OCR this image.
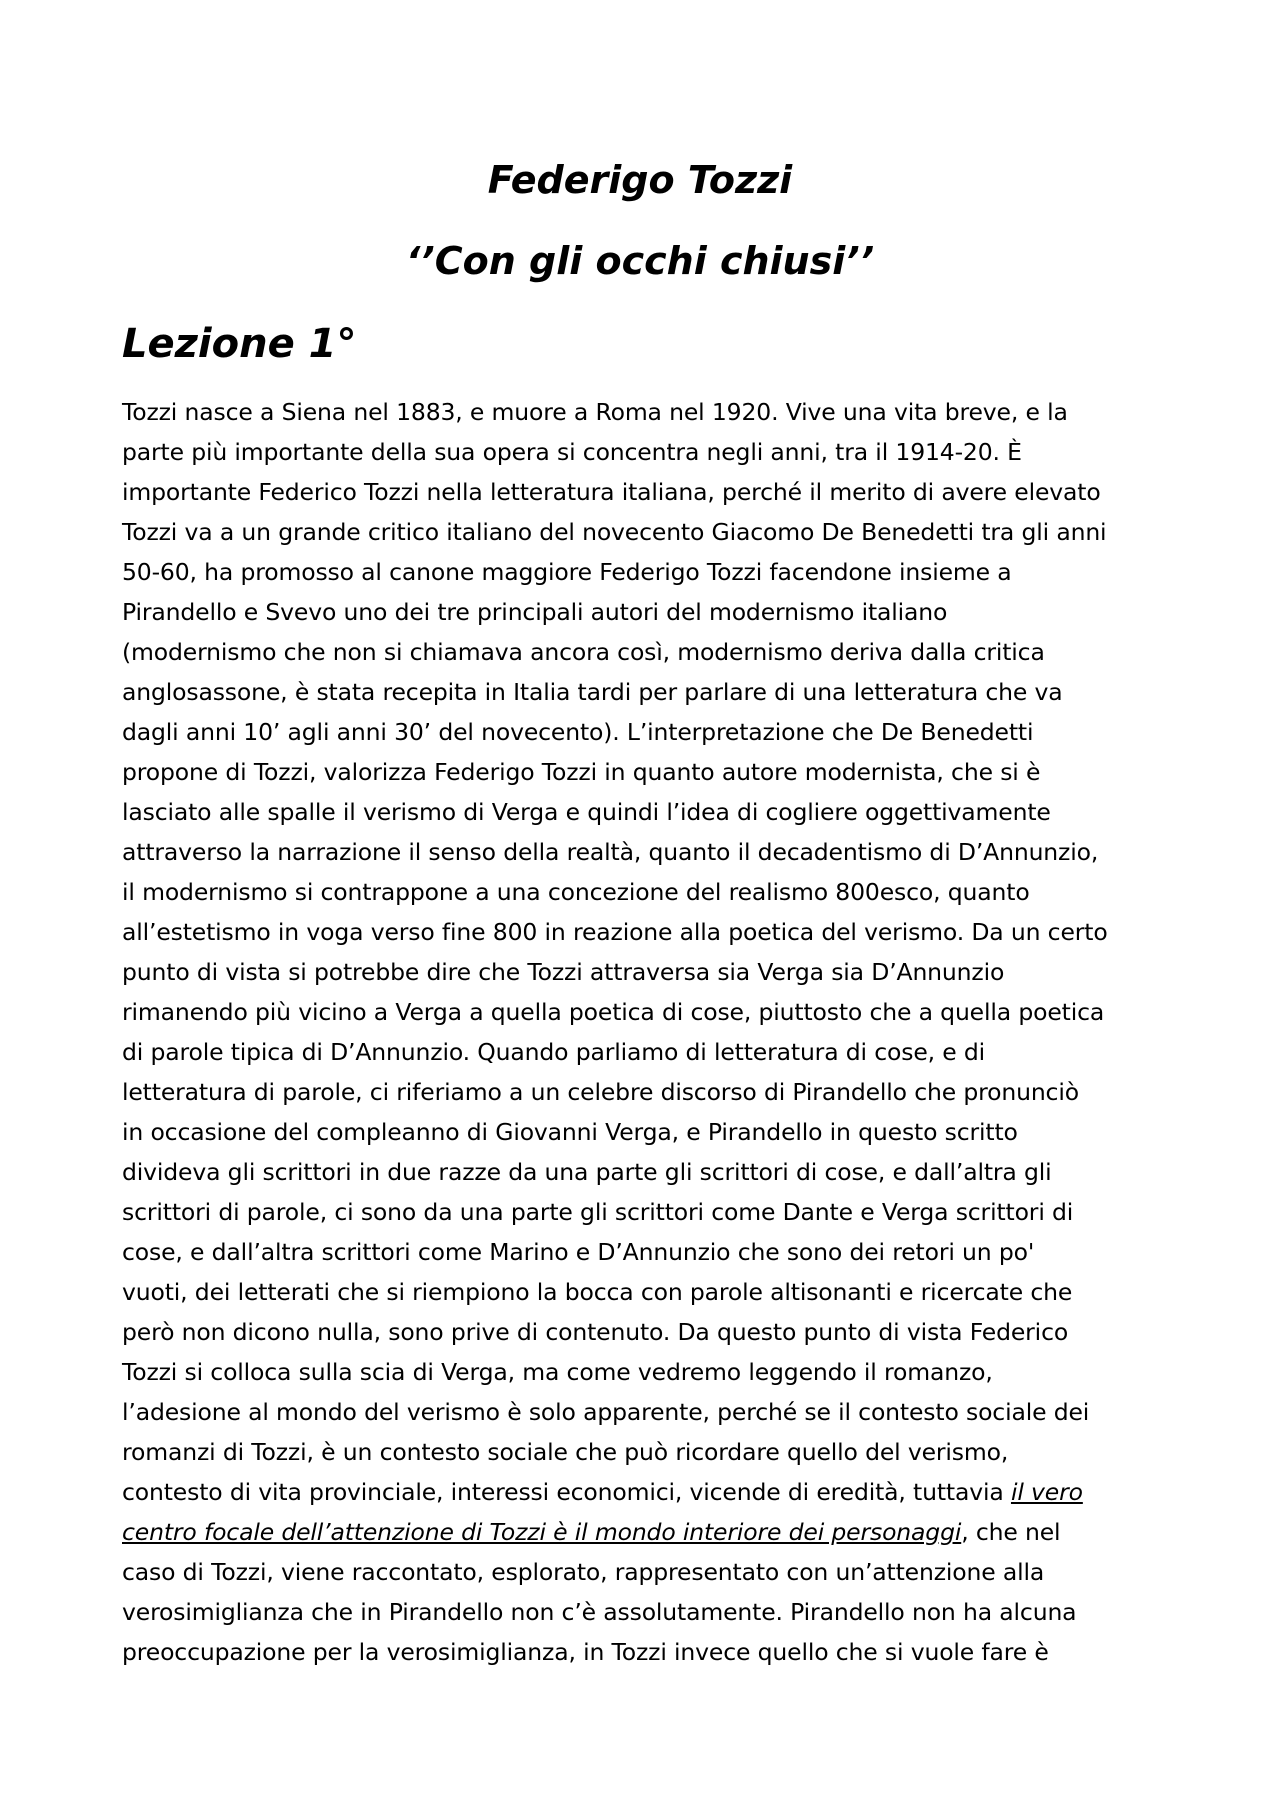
Federigo Tozzi
‘’Con gli occhi chiusi’’
Lezione 1°
Tozzi nasce a Siena nel 1883, e muore a Roma nel 1920. Vive una vita breve, e la
parte più importante della sua opera si concentra negli anni, tra il 1914-20. È
importante Federico Tozzi nella letteratura italiana, perché il merito di avere elevato
Tozzi va a un grande critico italiano del novecento Giacomo De Benedetti tra gli anni
50-60, ha promosso al canone maggiore Federigo Tozzi facendone insieme a
Pirandello e Svevo uno dei tre principali autori del modernismo italiano
(modernismo che non si chiamava ancora così, modernismo deriva dalla critica
anglosassone, è stata recepita in Italia tardi per parlare di una letteratura che va
dagli anni 10’ agli anni 30’ del novecento). L’interpretazione che De Benedetti
propone di Tozzi, valorizza Federigo Tozzi in quanto autore modernista, che si è
lasciato alle spalle il verismo di Verga e quindi l’idea di cogliere oggettivamente
attraverso la narrazione il senso della realtà, quanto il decadentismo di D’Annunzio,
il modernismo si contrappone a una concezione del realismo 800esco, quanto
all’estetismo in voga verso fine 800 in reazione alla poetica del verismo. Da un certo
punto di vista si potrebbe dire che Tozzi attraversa sia Verga sia D’Annunzio
rimanendo più vicino a Verga a quella poetica di cose, piuttosto che a quella poetica
di parole tipica di D’Annunzio. Quando parliamo di letteratura di cose, e di
letteratura di parole, ci riferiamo a un celebre discorso di Pirandello che pronunciò
in occasione del compleanno di Giovanni Verga, e Pirandello in questo scritto
divideva gli scrittori in due razze da una parte gli scrittori di cose, e dall’altra gli
scrittori di parole, ci sono da una parte gli scrittori come Dante e Verga scrittori di
cose, e dall’altra scrittori come Marino e D’Annunzio che sono dei retori un po'
vuoti, dei letterati che si riempiono la bocca con parole altisonanti e ricercate che
però non dicono nulla, sono prive di contenuto. Da questo punto di vista Federico
Tozzi si colloca sulla scia di Verga, ma come vedremo leggendo il romanzo,
l’adesione al mondo del verismo è solo apparente, perché se il contesto sociale dei
romanzi di Tozzi, è un contesto sociale che può ricordare quello del verismo,
contesto di vita provinciale, interessi economici, vicende di eredità, tuttavia il vero
centro focale dell’attenzione di Tozzi è il mondo interiore dei personaggi, che nel
caso di Tozzi, viene raccontato, esplorato, rappresentato con un’attenzione alla
verosimiglianza che in Pirandello non c’è assolutamente. Pirandello non ha alcuna
preoccupazione per la verosimiglianza, in Tozzi invece quello che si vuole fare è
